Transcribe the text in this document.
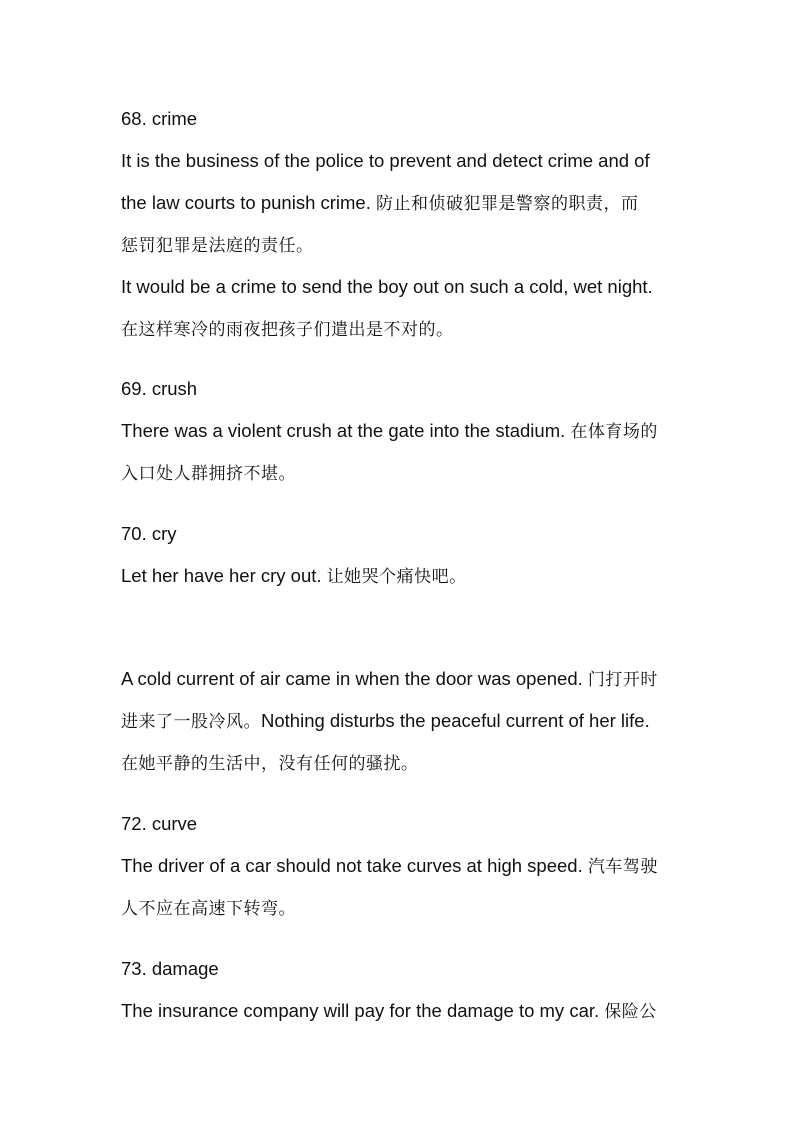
68. crime
It is the business of the police to prevent and detect crime and of
the law courts to punish crime. 防止和侦破犯罪是警察的职责，而
惩罚犯罪是法庭的责任。
It would be a crime to send the boy out on such a cold, wet night.
在这样寒冷的雨夜把孩子们遣出是不对的。
69. crush
There was a violent crush at the gate into the stadium. 在体育场的
入口处人群拥挤不堪。
70. cry
Let her have her cry out. 让她哭个痛快吧。
A cold current of air came in when the door was opened. 门打开时
进来了一股冷风。Nothing disturbs the peaceful current of her life.
在她平静的生活中，没有任何的骚扰。
72. curve
The driver of a car should not take curves at high speed. 汽车驾驶
人不应在高速下转弯。
73. damage
The insurance company will pay for the damage to my car. 保险公
